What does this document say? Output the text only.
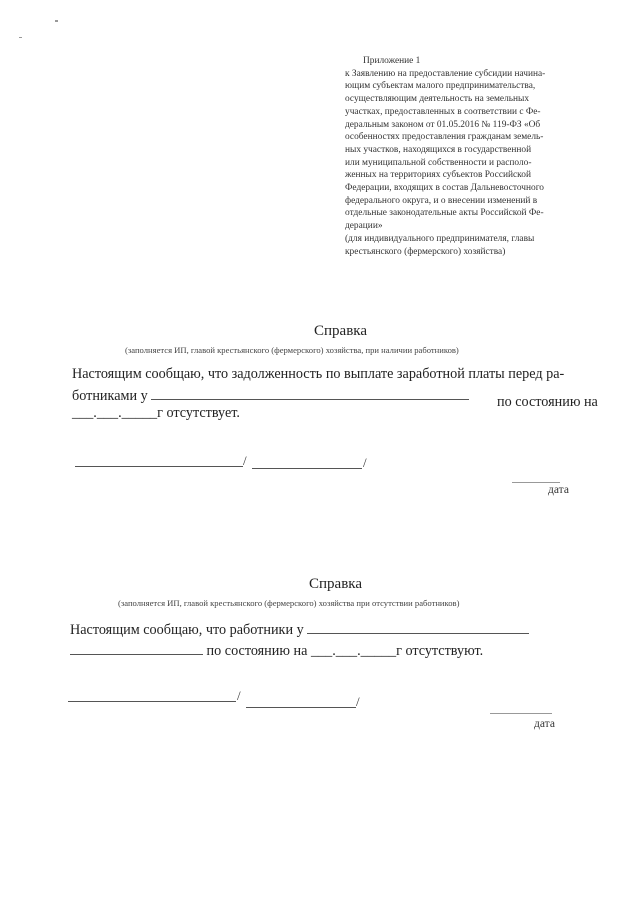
Приложение 1
к Заявлению на предоставление субсидии начина-
ющим субъектам малого предпринимательства,
осуществляющим деятельность на земельных
участках, предоставленных в соответствии с Фе-
деральным законом от 01.05.2016 № 119-ФЗ «Об
особенностях предоставления гражданам земель-
ных участков, находящихся в государственной
или муниципальной собственности и располо-
женных на территориях субъектов Российской
Федерации, входящих в состав Дальневосточного
федерального округа, и о внесении изменений в
отдельные законодательные акты Российской Фе-
дерации»
(для индивидуального предпринимателя, главы
крестьянского (фермерского) хозяйства)
Справка
(заполняется ИП, главой крестьянского (фермерского) хозяйства, при наличии работников)
Настоящим сообщаю, что задолженность по выплате заработной платы перед ра-
ботниками у	по состоянию на
___.___._____г отсутствует.
/	/
дата
Справка
(заполняется ИП, главой крестьянского (фермерского) хозяйства при отсутствии работников)
Настоящим сообщаю, что работники у
по состоянию на ___.___._____г отсутствуют.
/	/
дата
